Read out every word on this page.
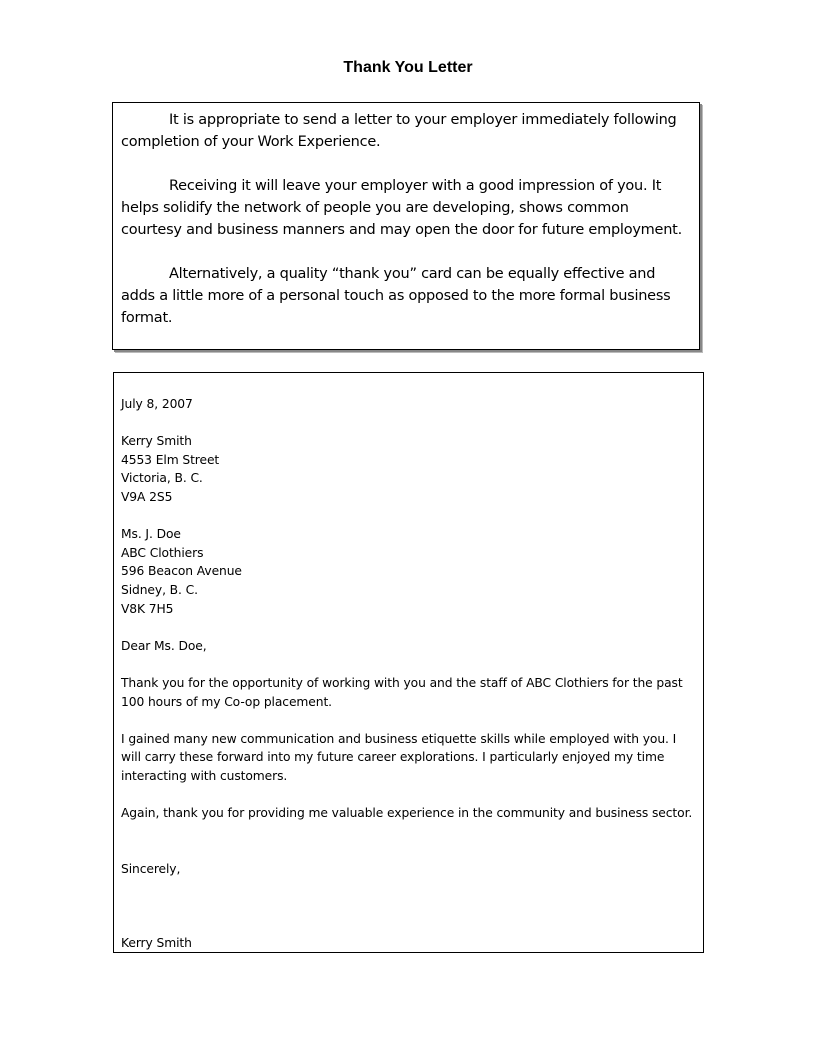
Thank You Letter

It is appropriate to send a letter to your employer immediately following completion of your Work Experience.

Receiving it will leave your employer with a good impression of you. It helps solidify the network of people you are developing, shows common courtesy and business manners and may open the door for future employment.

Alternatively, a quality “thank you” card can be equally effective and adds a little more of a personal touch as opposed to the more formal business format.

July 8, 2007
Kerry Smith
4553 Elm Street
Victoria, B. C.
V9A 2S5
Ms. J. Doe
ABC Clothiers
596 Beacon Avenue
Sidney, B. C.
V8K 7H5
Dear Ms. Doe,
Thank you for the opportunity of working with you and the staff of ABC Clothiers for the past 100 hours of my Co-op placement.
I gained many new communication and business etiquette skills while employed with you. I will carry these forward into my future career explorations. I particularly enjoyed my time interacting with customers.
Again, thank you for providing me valuable experience in the community and business sector.
Sincerely,
Kerry Smith
